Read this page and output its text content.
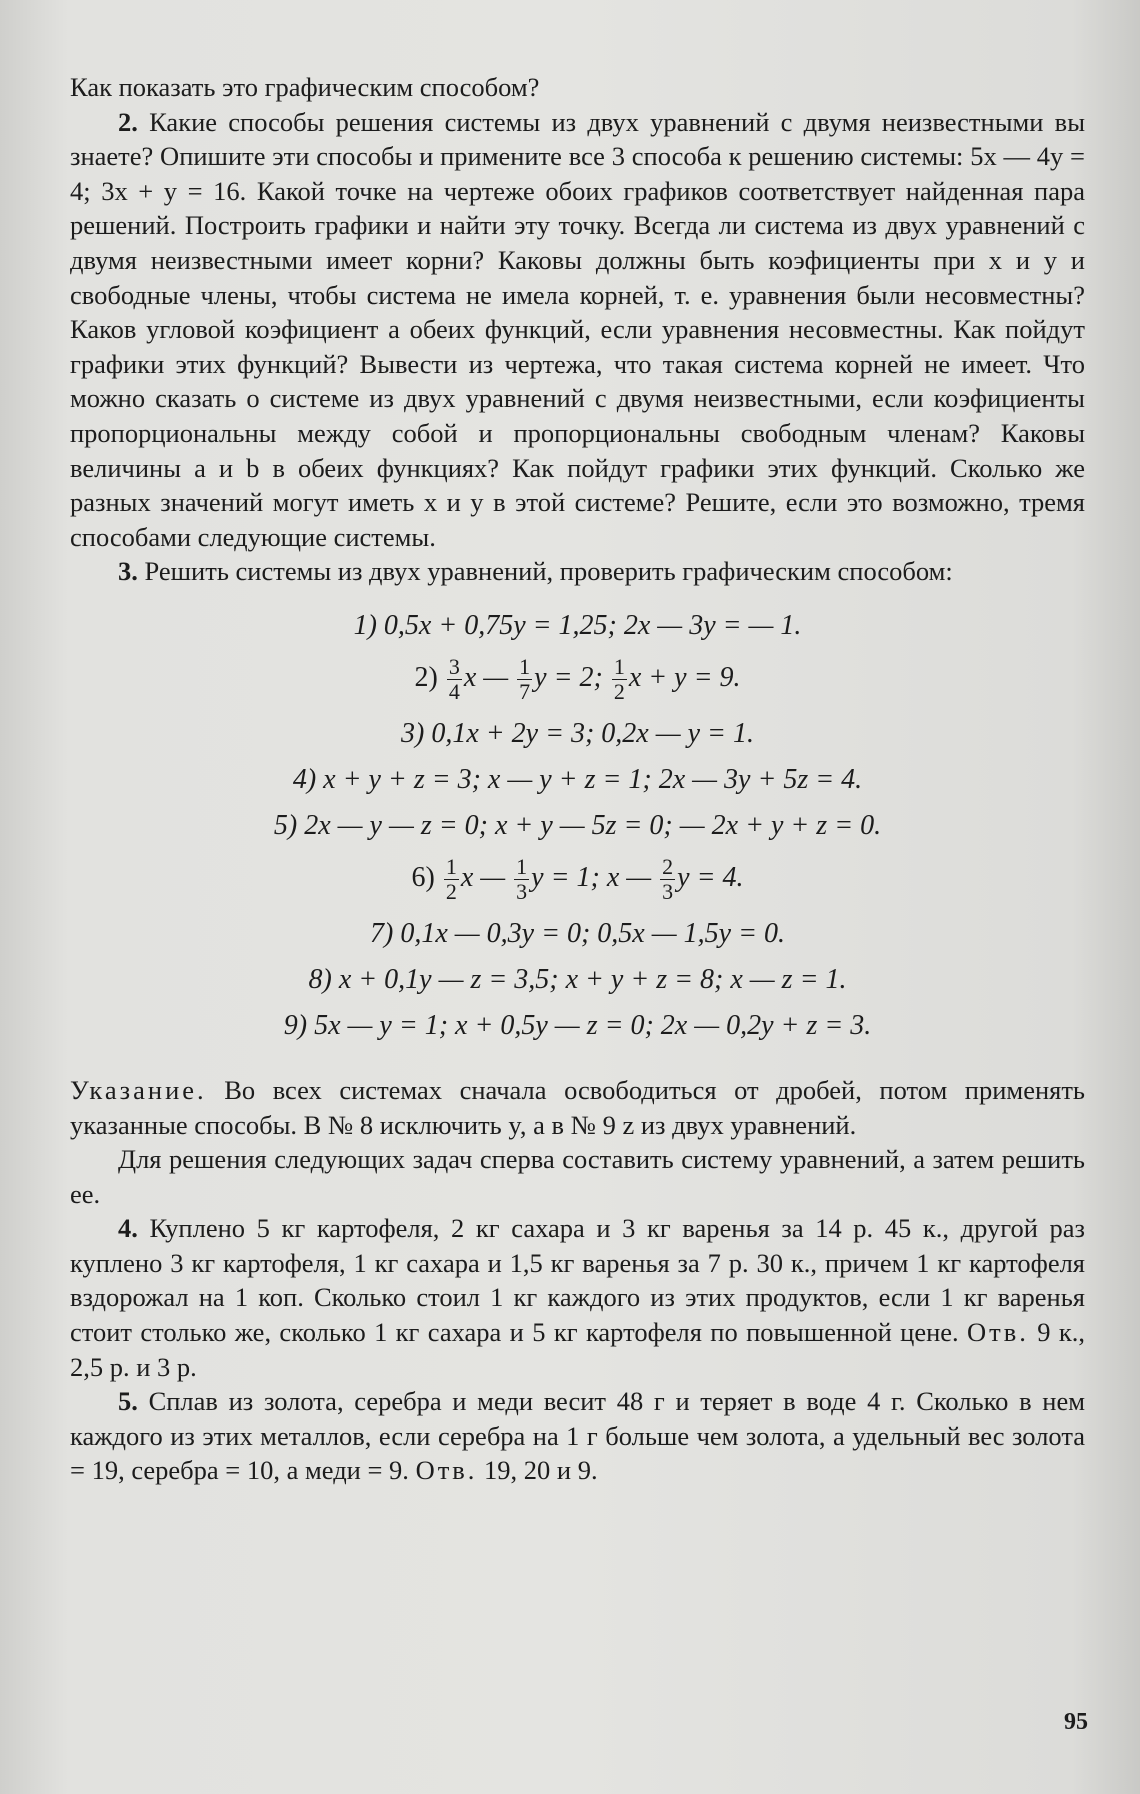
Как показать это графическим способом?

2. Какие способы решения системы из двух уравнений с двумя неизвестными вы знаете? Опишите эти способы и примените все 3 способа к решению системы: 5x — 4y = 4; 3x + y = 16. Какой точке на чертеже обоих графиков соответствует найденная пара решений. Построить графики и найти эту точку. Всегда ли система из двух уравнений с двумя неизвестными имеет корни? Каковы должны быть коэфициенты при x и y и свободные члены, чтобы система не имела корней, т. е. уравнения были несовместны? Каков угловой коэфициент a обеих функций, если уравнения несовместны. Как пойдут графики этих функций? Вывести из чертежа, что такая система корней не имеет. Что можно сказать о системе из двух уравнений с двумя неизвестными, если коэфициенты пропорциональны между собой и пропорциональны свободным членам? Каковы величины a и b в обеих функциях? Как пойдут графики этих функций. Сколько же разных значений могут иметь x и y в этой системе? Решите, если это возможно, тремя способами следующие системы.

3. Решить системы из двух уравнений, проверить графическим способом:

1) 0,5x + 0,75y = 1,25; 2x — 3y = — 1.
$2) \frac{3}{4}$ x — $\frac{1}{7}$ y = 2; $\frac{1}{2}$ x + y = 9.
3) 0,1x + 2y = 3; 0,2x — y = 1.
4) x + y + z = 3; x — y + z = 1; 2x — 3y + 5z = 4.
5) 2x — y — z = 0; x + y — 5z = 0; — 2x + y + z = 0.
$6) \frac{1}{2}$ x — $\frac{1}{3}$ y = 1; x — $\frac{2}{3}$ y = 4.
7) 0,1x — 0,3y = 0; 0,5x — 1,5y = 0.
8) x + 0,1y — z = 3,5; x + y + z = 8; x — z = 1.
9) 5x — y = 1; x + 0,5y — z = 0; 2x — 0,2y + z = 3.

Указание. Во всех системах сначала освободиться от дробей, потом применять указанные способы. В № 8 исключить y, а в № 9 z из двух уравнений.

Для решения следующих задач сперва составить систему уравнений, а затем решить ее.

4. Куплено 5 кг картофеля, 2 кг сахара и 3 кг варенья за 14 р. 45 к., другой раз куплено 3 кг картофеля, 1 кг сахара и 1,5 кг варенья за 7 р. 30 к., причем 1 кг картофеля вздорожал на 1 коп. Сколько стоил 1 кг каждого из этих продуктов, если 1 кг варенья стоит столько же, сколько 1 кг сахара и 5 кг картофеля по повышенной цене. Отв. 9 к., 2,5 р. и 3 р.

5. Сплав из золота, серебра и меди весит 48 г и теряет в воде 4 г. Сколько в нем каждого из этих металлов, если серебра на 1 г больше чем золота, а удельный вес золота = 19, серебра = 10, а меди = 9. Отв. 19, 20 и 9.

95
